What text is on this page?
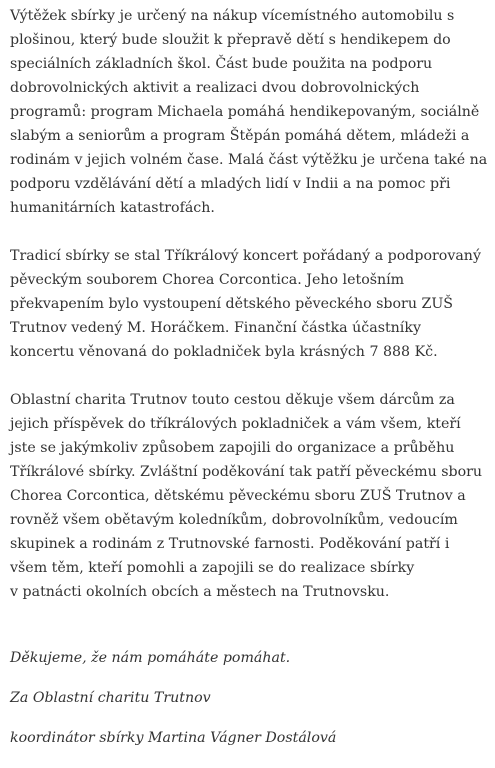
Výtěžek sbírky je určený na nákup vícemístného automobilu s
plošinou, který bude sloužit k přepravě dětí s hendikepem do
speciálních základních škol. Část bude použita na podporu
dobrovolnických aktivit a realizaci dvou dobrovolnických
programů: program Michaela pomáhá hendikepovaným, sociálně
slabým a seniorům a program Štěpán pomáhá dětem, mládeži a
rodinám v jejich volném čase. Malá část výtěžku je určena také na
podporu vzdělávání dětí a mladých lidí v Indii a na pomoc při
humanitárních katastrofách.

Tradicí sbírky se stal Tříkrálový koncert pořádaný a podporovaný
pěveckým souborem Chorea Corcontica. Jeho letošním
překvapením bylo vystoupení dětského pěveckého sboru ZUŠ
Trutnov vedený M. Horáčkem. Finanční částka účastníky
koncertu věnovaná do pokladniček byla krásných 7 888 Kč.

Oblastní charita Trutnov touto cestou děkuje všem dárcům za
jejich příspěvek do tříkrálových pokladniček a vám všem, kteří
jste se jakýmkoliv způsobem zapojili do organizace a průběhu
Tříkrálové sbírky. Zvláštní poděkování tak patří pěveckému sboru
Chorea Corcontica, dětskému pěveckému sboru ZUŠ Trutnov a
rovněž všem obětavým koledníkům, dobrovolníkům, vedoucím
skupinek a rodinám z Trutnovské farnosti. Poděkování patří i
všem těm, kteří pomohli a zapojili se do realizace sbírky
v patnácti okolních obcích a městech na Trutnovsku.

Děkujeme, že nám pomáháte pomáhat.

Za Oblastní charitu Trutnov

koordinátor sbírky Martina Vágner Dostálová
